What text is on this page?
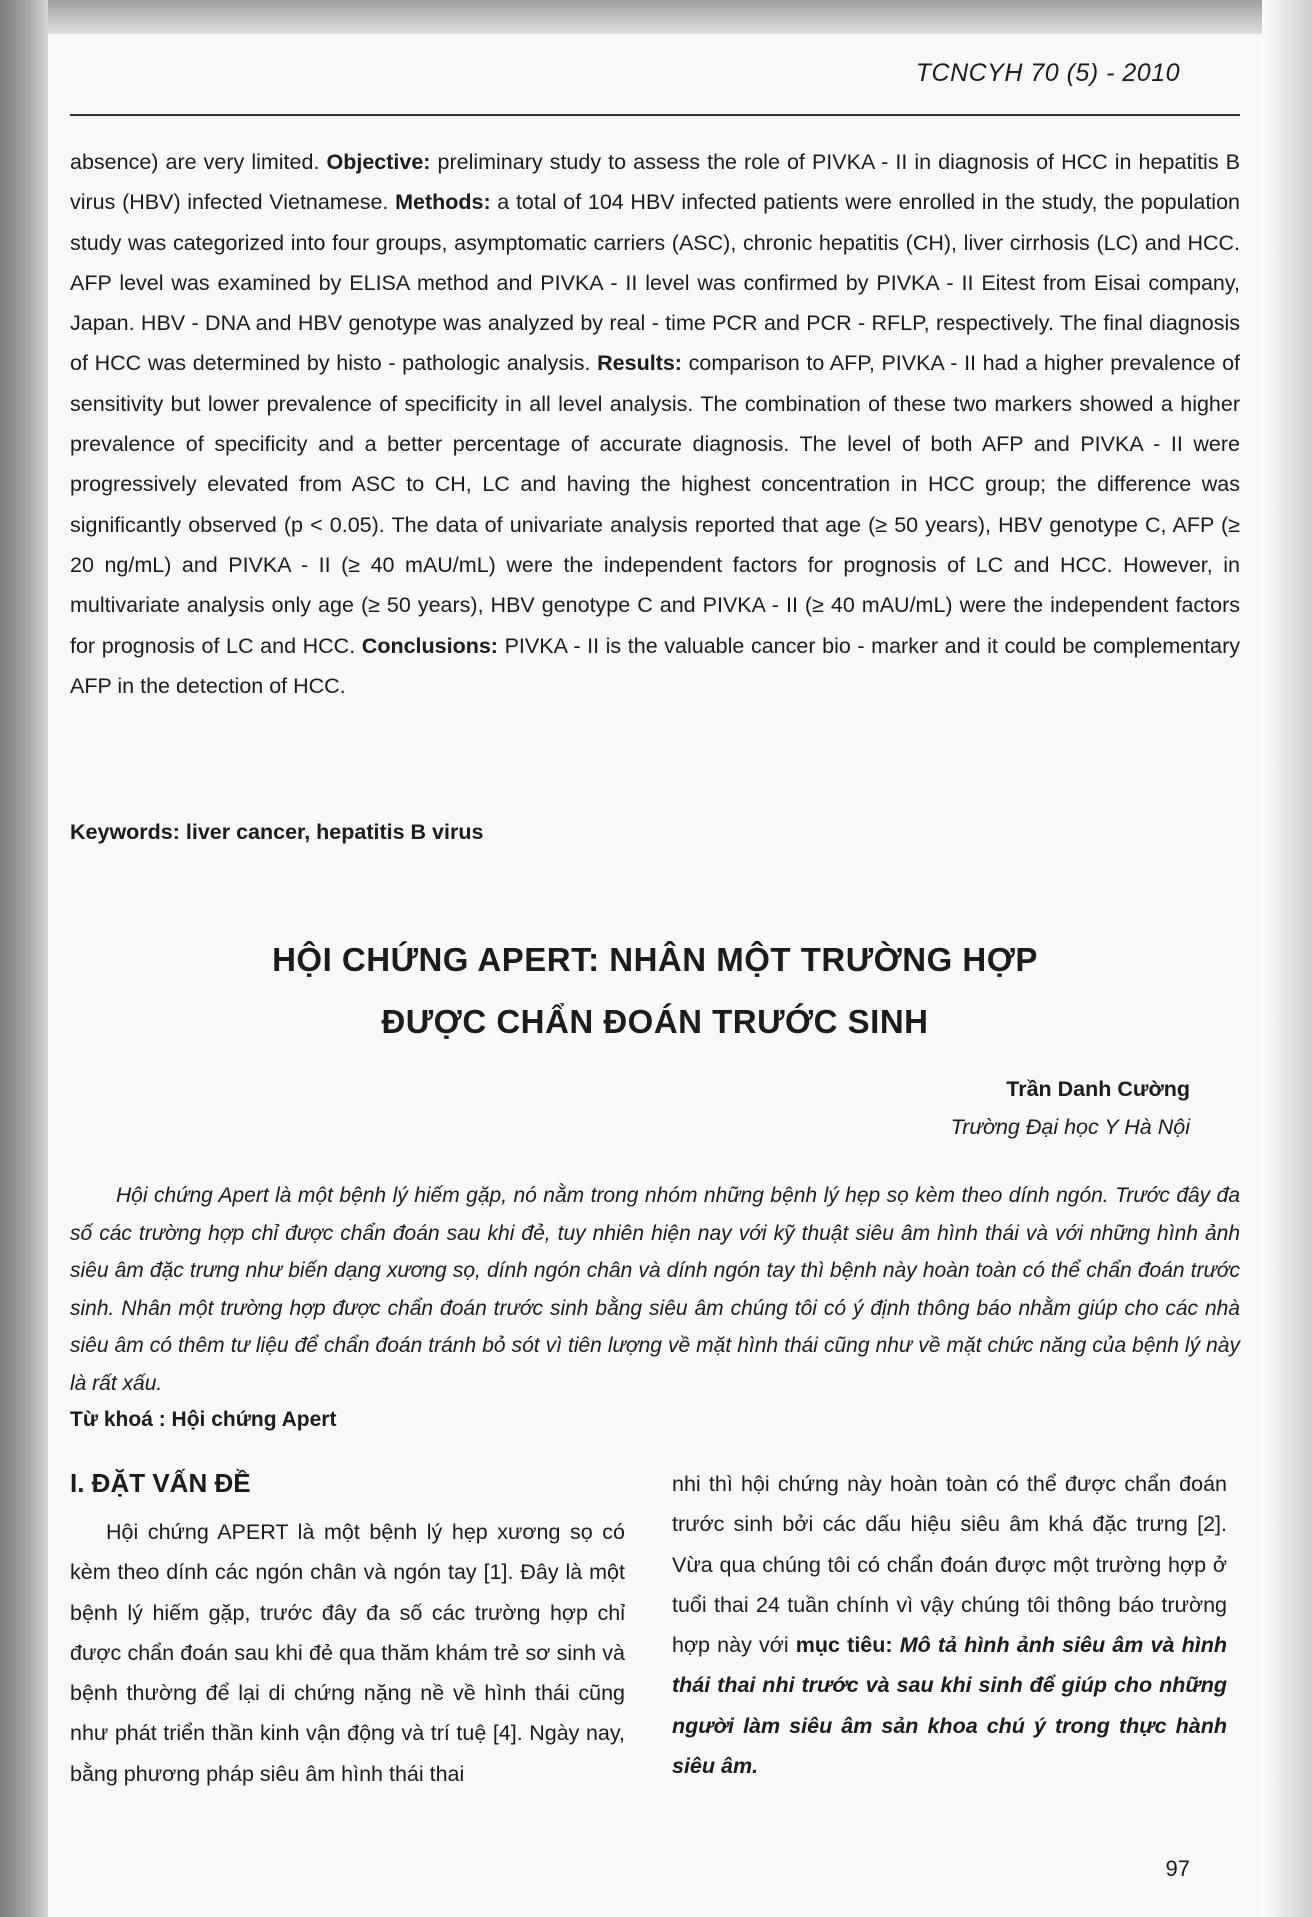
TCNCYH 70 (5) - 2010
absence) are very limited. Objective: preliminary study to assess the role of PIVKA - II in diagnosis of HCC in hepatitis B virus (HBV) infected Vietnamese. Methods: a total of 104 HBV infected patients were enrolled in the study, the population study was categorized into four groups, asymptomatic carriers (ASC), chronic hepatitis (CH), liver cirrhosis (LC) and HCC. AFP level was examined by ELISA method and PIVKA - II level was confirmed by PIVKA - II Eitest from Eisai company, Japan. HBV - DNA and HBV genotype was analyzed by real - time PCR and PCR - RFLP, respectively. The final diagnosis of HCC was determined by histo - pathologic analysis. Results: comparison to AFP, PIVKA - II had a higher prevalence of sensitivity but lower prevalence of specificity in all level analysis. The combination of these two markers showed a higher prevalence of specificity and a better percentage of accurate diagnosis. The level of both AFP and PIVKA - II were progressively elevated from ASC to CH, LC and having the highest concentration in HCC group; the difference was significantly observed (p < 0.05). The data of univariate analysis reported that age (≥ 50 years), HBV genotype C, AFP (≥ 20 ng/mL) and PIVKA - II (≥ 40 mAU/mL) were the independent factors for prognosis of LC and HCC. However, in multivariate analysis only age (≥ 50 years), HBV genotype C and PIVKA - II (≥ 40 mAU/mL) were the independent factors for prognosis of LC and HCC. Conclusions: PIVKA - II is the valuable cancer bio - marker and it could be complementary AFP in the detection of HCC.
Keywords: liver cancer, hepatitis B virus
HỘI CHỨNG APERT: NHÂN MỘT TRƯỜNG HỢP
ĐƯỢC CHẨN ĐOÁN TRƯỚC SINH
Trần Danh Cường
Trường Đại học Y Hà Nội
Hội chứng Apert là một bệnh lý hiếm gặp, nó nằm trong nhóm những bệnh lý hẹp sọ kèm theo dính ngón. Trước đây đa số các trường hợp chỉ được chẩn đoán sau khi đẻ, tuy nhiên hiện nay với kỹ thuật siêu âm hình thái và với những hình ảnh siêu âm đặc trưng như biến dạng xương sọ, dính ngón chân và dính ngón tay thì bệnh này hoàn toàn có thể chẩn đoán trước sinh. Nhân một trường hợp được chẩn đoán trước sinh bằng siêu âm chúng tôi có ý định thông báo nhằm giúp cho các nhà siêu âm có thêm tư liệu để chẩn đoán tránh bỏ sót vì tiên lượng về mặt hình thái cũng như về mặt chức năng của bệnh lý này là rất xấu.
Từ khoá : Hội chứng Apert
I. ĐẶT VẤN ĐỀ
Hội chứng APERT là một bệnh lý hẹp xương sọ có kèm theo dính các ngón chân và ngón tay [1]. Đây là một bệnh lý hiếm gặp, trước đây đa số các trường hợp chỉ được chẩn đoán sau khi đẻ qua thăm khám trẻ sơ sinh và bệnh thường để lại di chứng nặng nề về hình thái cũng như phát triển thần kinh vận động và trí tuệ [4]. Ngày nay, bằng phương pháp siêu âm hình thái thai
nhi thì hội chứng này hoàn toàn có thể được chẩn đoán trước sinh bởi các dấu hiệu siêu âm khá đặc trưng [2]. Vừa qua chúng tôi có chẩn đoán được một trường hợp ở tuổi thai 24 tuần chính vì vậy chúng tôi thông báo trường hợp này với mục tiêu: Mô tả hình ảnh siêu âm và hình thái thai nhi trước và sau khi sinh để giúp cho những người làm siêu âm sản khoa chú ý trong thực hành siêu âm.
97
